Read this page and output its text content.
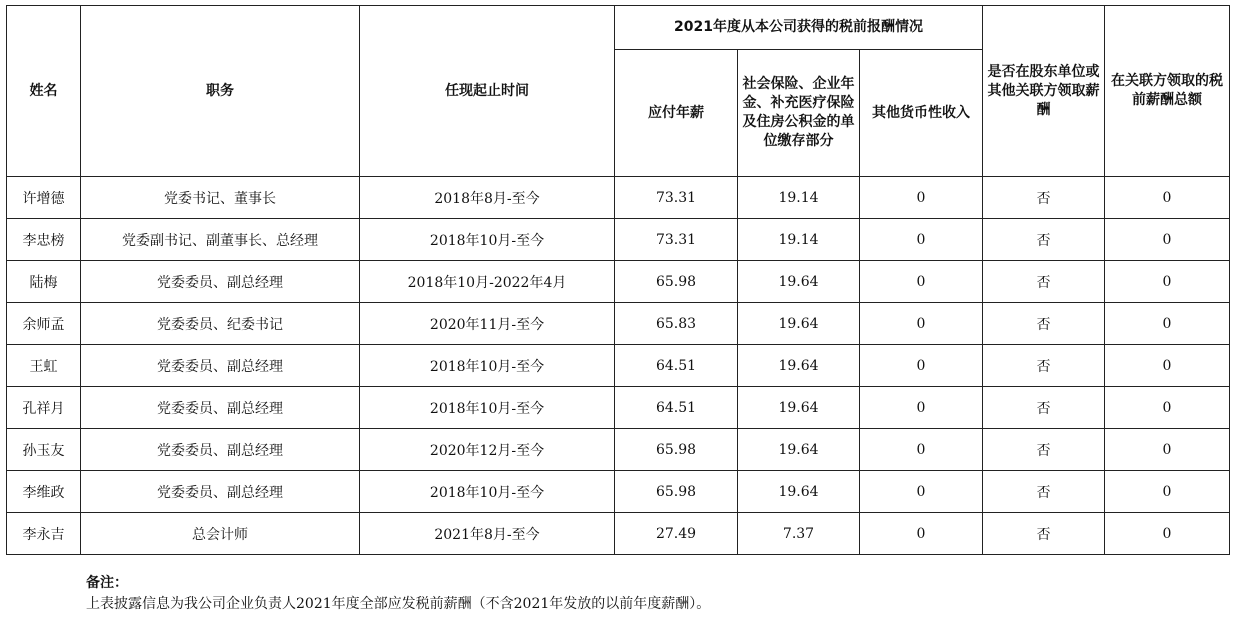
姓名	职务	任现起止时间	2021年度从本公司获得的税前报酬情况			是否在股东单位或其他关联方领取薪酬	在关联方领取的税前薪酬总额
			应付年薪	社会保险、企业年金、补充医疗保险及住房公积金的单位缴存部分	其他货币性收入		
许增德	党委书记、董事长	2018年8月-至今	73.31	19.14	0	否	0
李忠榜	党委副书记、副董事长、总经理	2018年10月-至今	73.31	19.14	0	否	0
陆梅	党委委员、副总经理	2018年10月-2022年4月	65.98	19.64	0	否	0
余师孟	党委委员、纪委书记	2020年11月-至今	65.83	19.64	0	否	0
王虹	党委委员、副总经理	2018年10月-至今	64.51	19.64	0	否	0
孔祥月	党委委员、副总经理	2018年10月-至今	64.51	19.64	0	否	0
孙玉友	党委委员、副总经理	2020年12月-至今	65.98	19.64	0	否	0
李维政	党委委员、副总经理	2018年10月-至今	65.98	19.64	0	否	0
李永吉	总会计师	2021年8月-至今	27.49	7.37	0	否	0
备注：
上表披露信息为我公司企业负责人2021年度全部应发税前薪酬（不含2021年发放的以前年度薪酬）。
